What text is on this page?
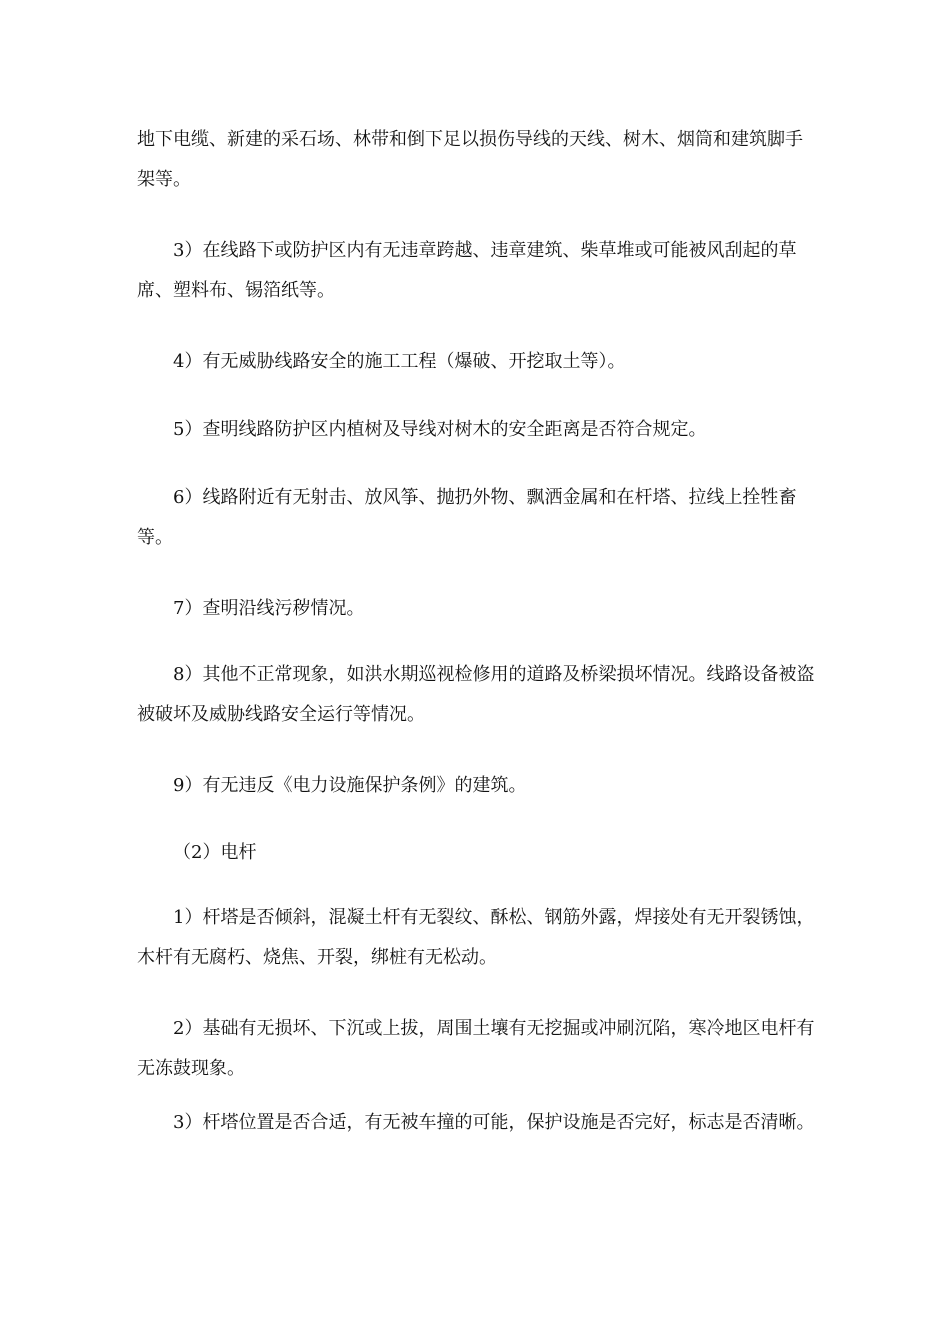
地下电缆、新建的采石场、林带和倒下足以损伤导线的天线、树木、烟筒和建筑脚手架等。

3）在线路下或防护区内有无违章跨越、违章建筑、柴草堆或可能被风刮起的草席、塑料布、锡箔纸等。

4）有无威胁线路安全的施工工程（爆破、开挖取土等）。

5）查明线路防护区内植树及导线对树木的安全距离是否符合规定。

6）线路附近有无射击、放风筝、抛扔外物、飘洒金属和在杆塔、拉线上拴牲畜等。

7）查明沿线污秽情况。

8）其他不正常现象，如洪水期巡视检修用的道路及桥梁损坏情况。线路设备被盗被破坏及威胁线路安全运行等情况。

9）有无违反《电力设施保护条例》的建筑。

（2）电杆

1）杆塔是否倾斜，混凝土杆有无裂纹、酥松、钢筋外露，焊接处有无开裂锈蚀，木杆有无腐朽、烧焦、开裂，绑桩有无松动。

2）基础有无损坏、下沉或上拔，周围土壤有无挖掘或冲刷沉陷，寒冷地区电杆有无冻鼓现象。

3）杆塔位置是否合适，有无被车撞的可能，保护设施是否完好，标志是否清晰。
